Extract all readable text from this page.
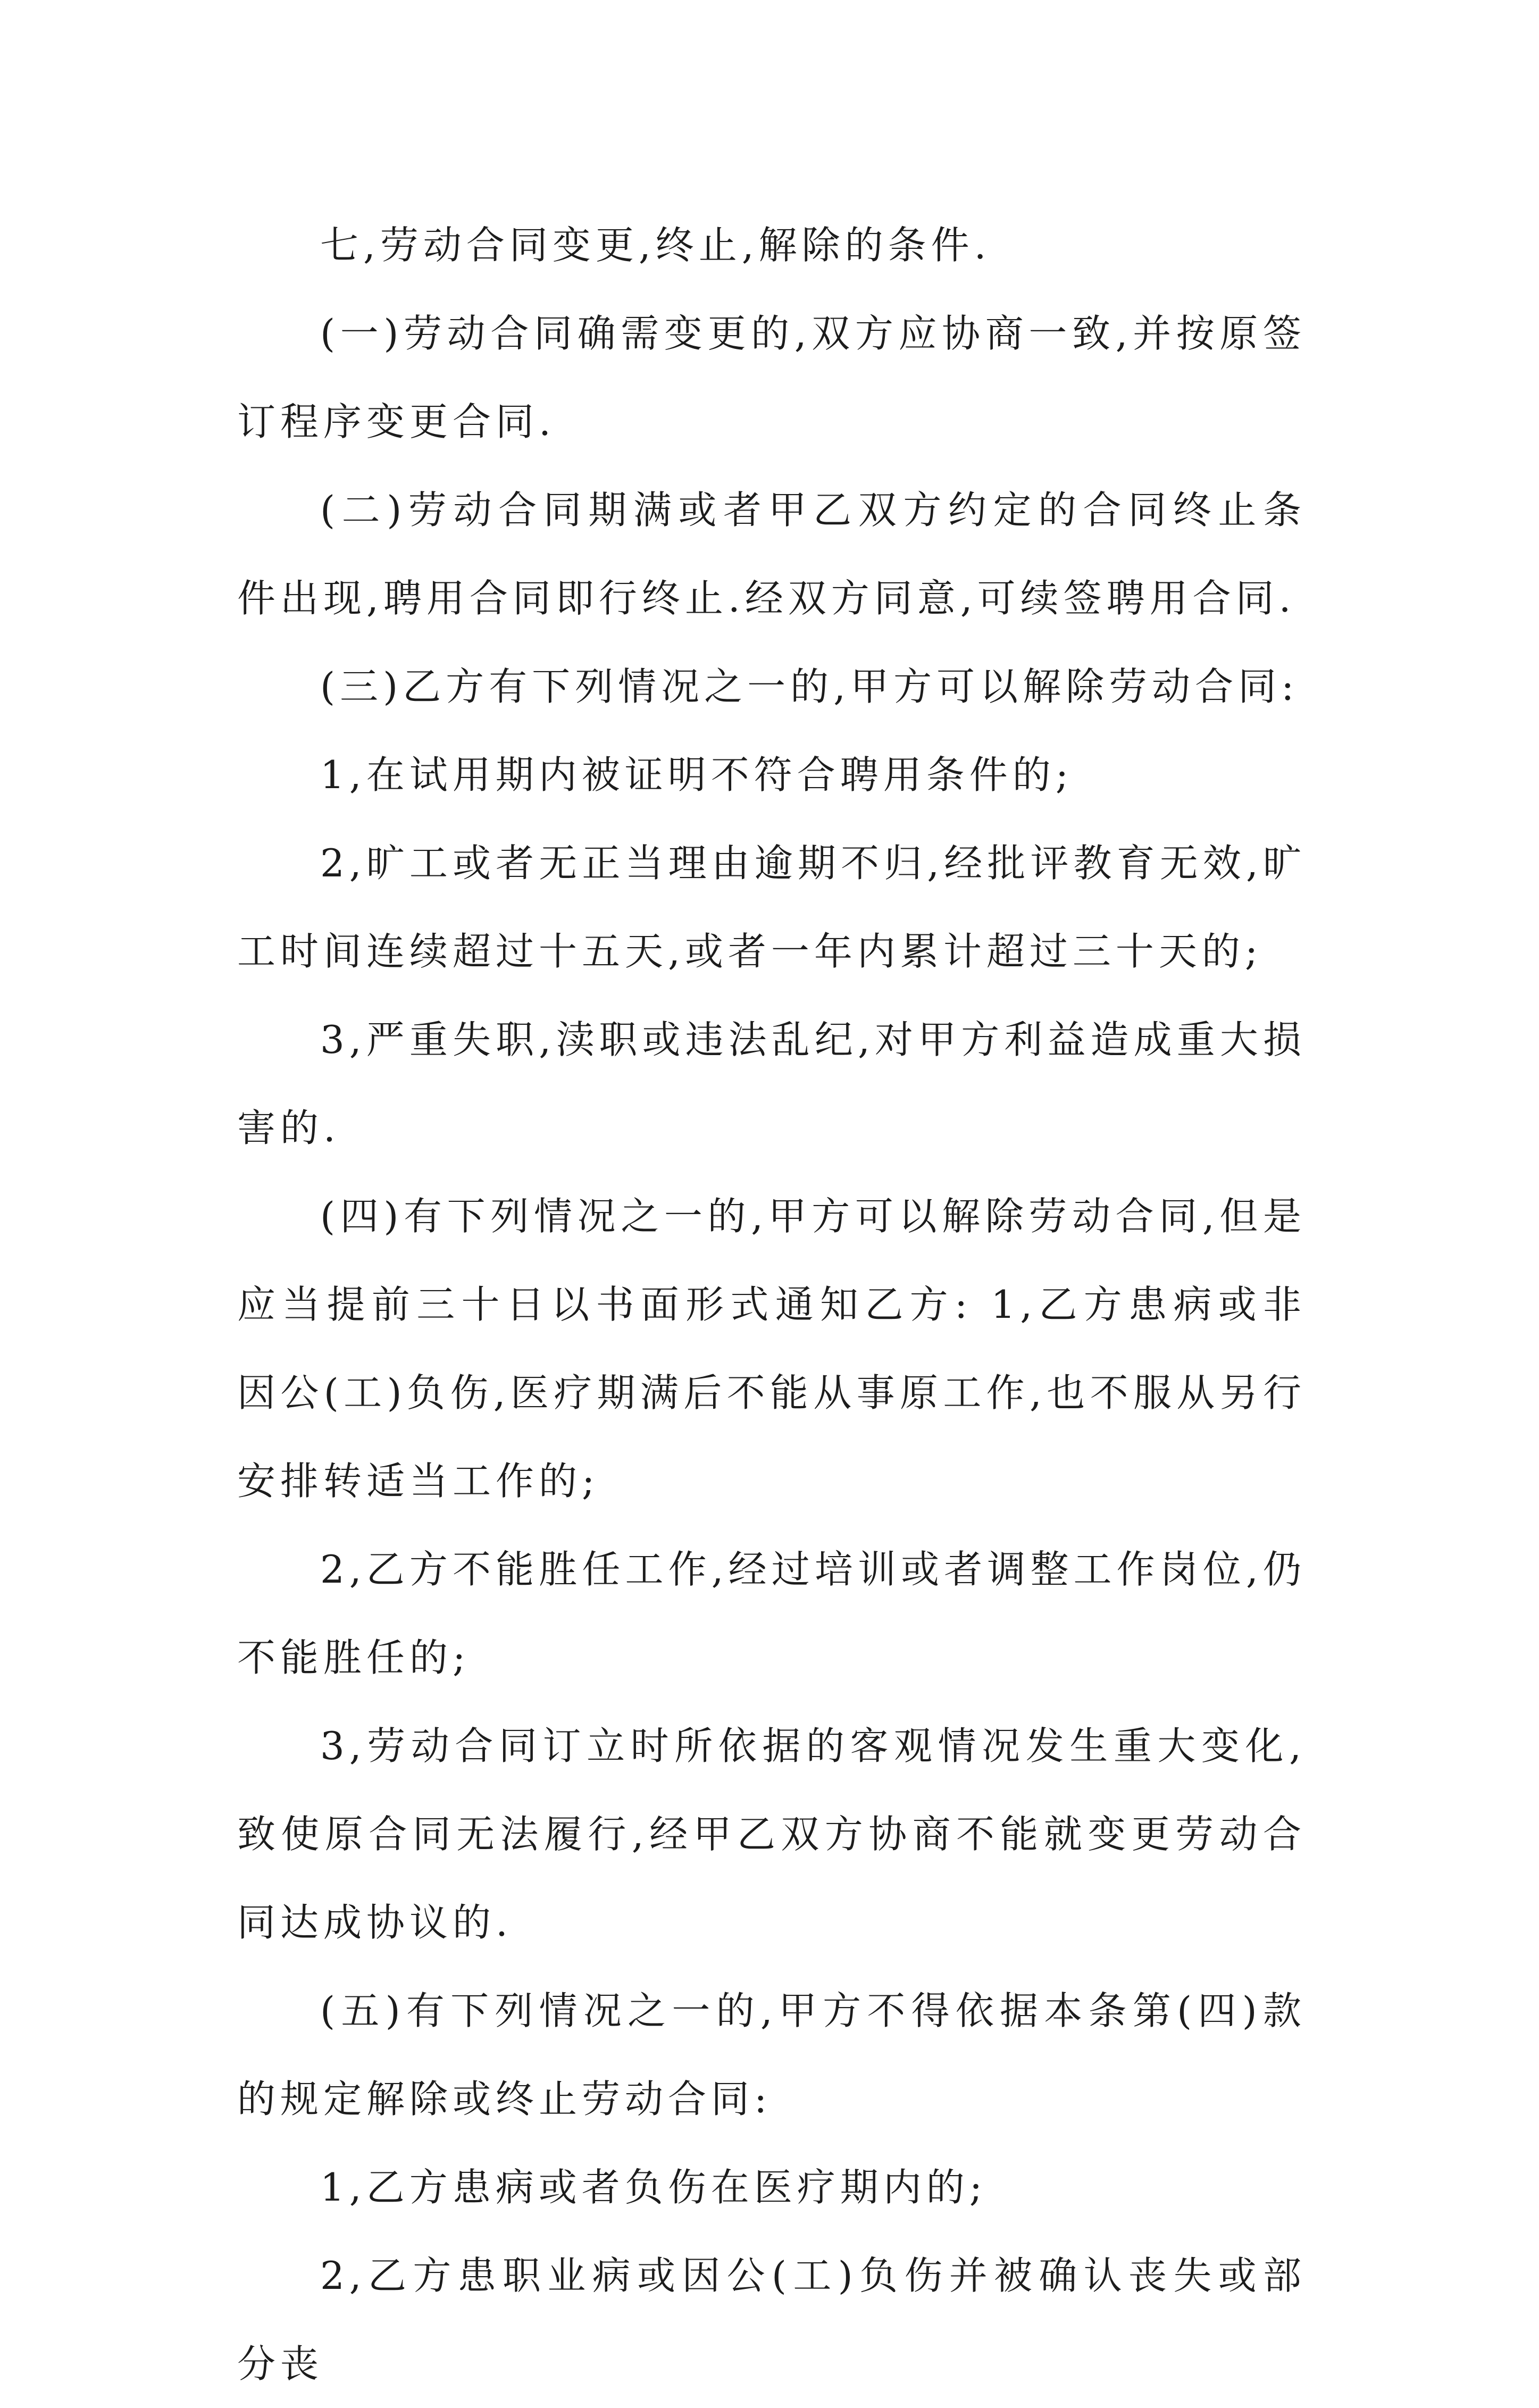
七,劳动合同变更,终止,解除的条件.

(一)劳动合同确需变更的,双方应协商一致,并按原签订程序变更合同.

(二)劳动合同期满或者甲乙双方约定的合同终止条件出现,聘用合同即行终止.经双方同意,可续签聘用合同.

(三)乙方有下列情况之一的,甲方可以解除劳动合同:

1,在试用期内被证明不符合聘用条件的;

2,旷工或者无正当理由逾期不归,经批评教育无效,旷工时间连续超过十五天,或者一年内累计超过三十天的;

3,严重失职,渎职或违法乱纪,对甲方利益造成重大损害的.

(四)有下列情况之一的,甲方可以解除劳动合同,但是应当提前三十日以书面形式通知乙方: 1,乙方患病或非因公(工)负伤,医疗期满后不能从事原工作,也不服从另行安排转适当工作的;

2,乙方不能胜任工作,经过培训或者调整工作岗位,仍不能胜任的;

3,劳动合同订立时所依据的客观情况发生重大变化,致使原合同无法履行,经甲乙双方协商不能就变更劳动合同达成协议的.

(五)有下列情况之一的,甲方不得依据本条第(四)款的规定解除或终止劳动合同:

1,乙方患病或者负伤在医疗期内的;

2,乙方患职业病或因公(工)负伤并被确认丧失或部分丧
